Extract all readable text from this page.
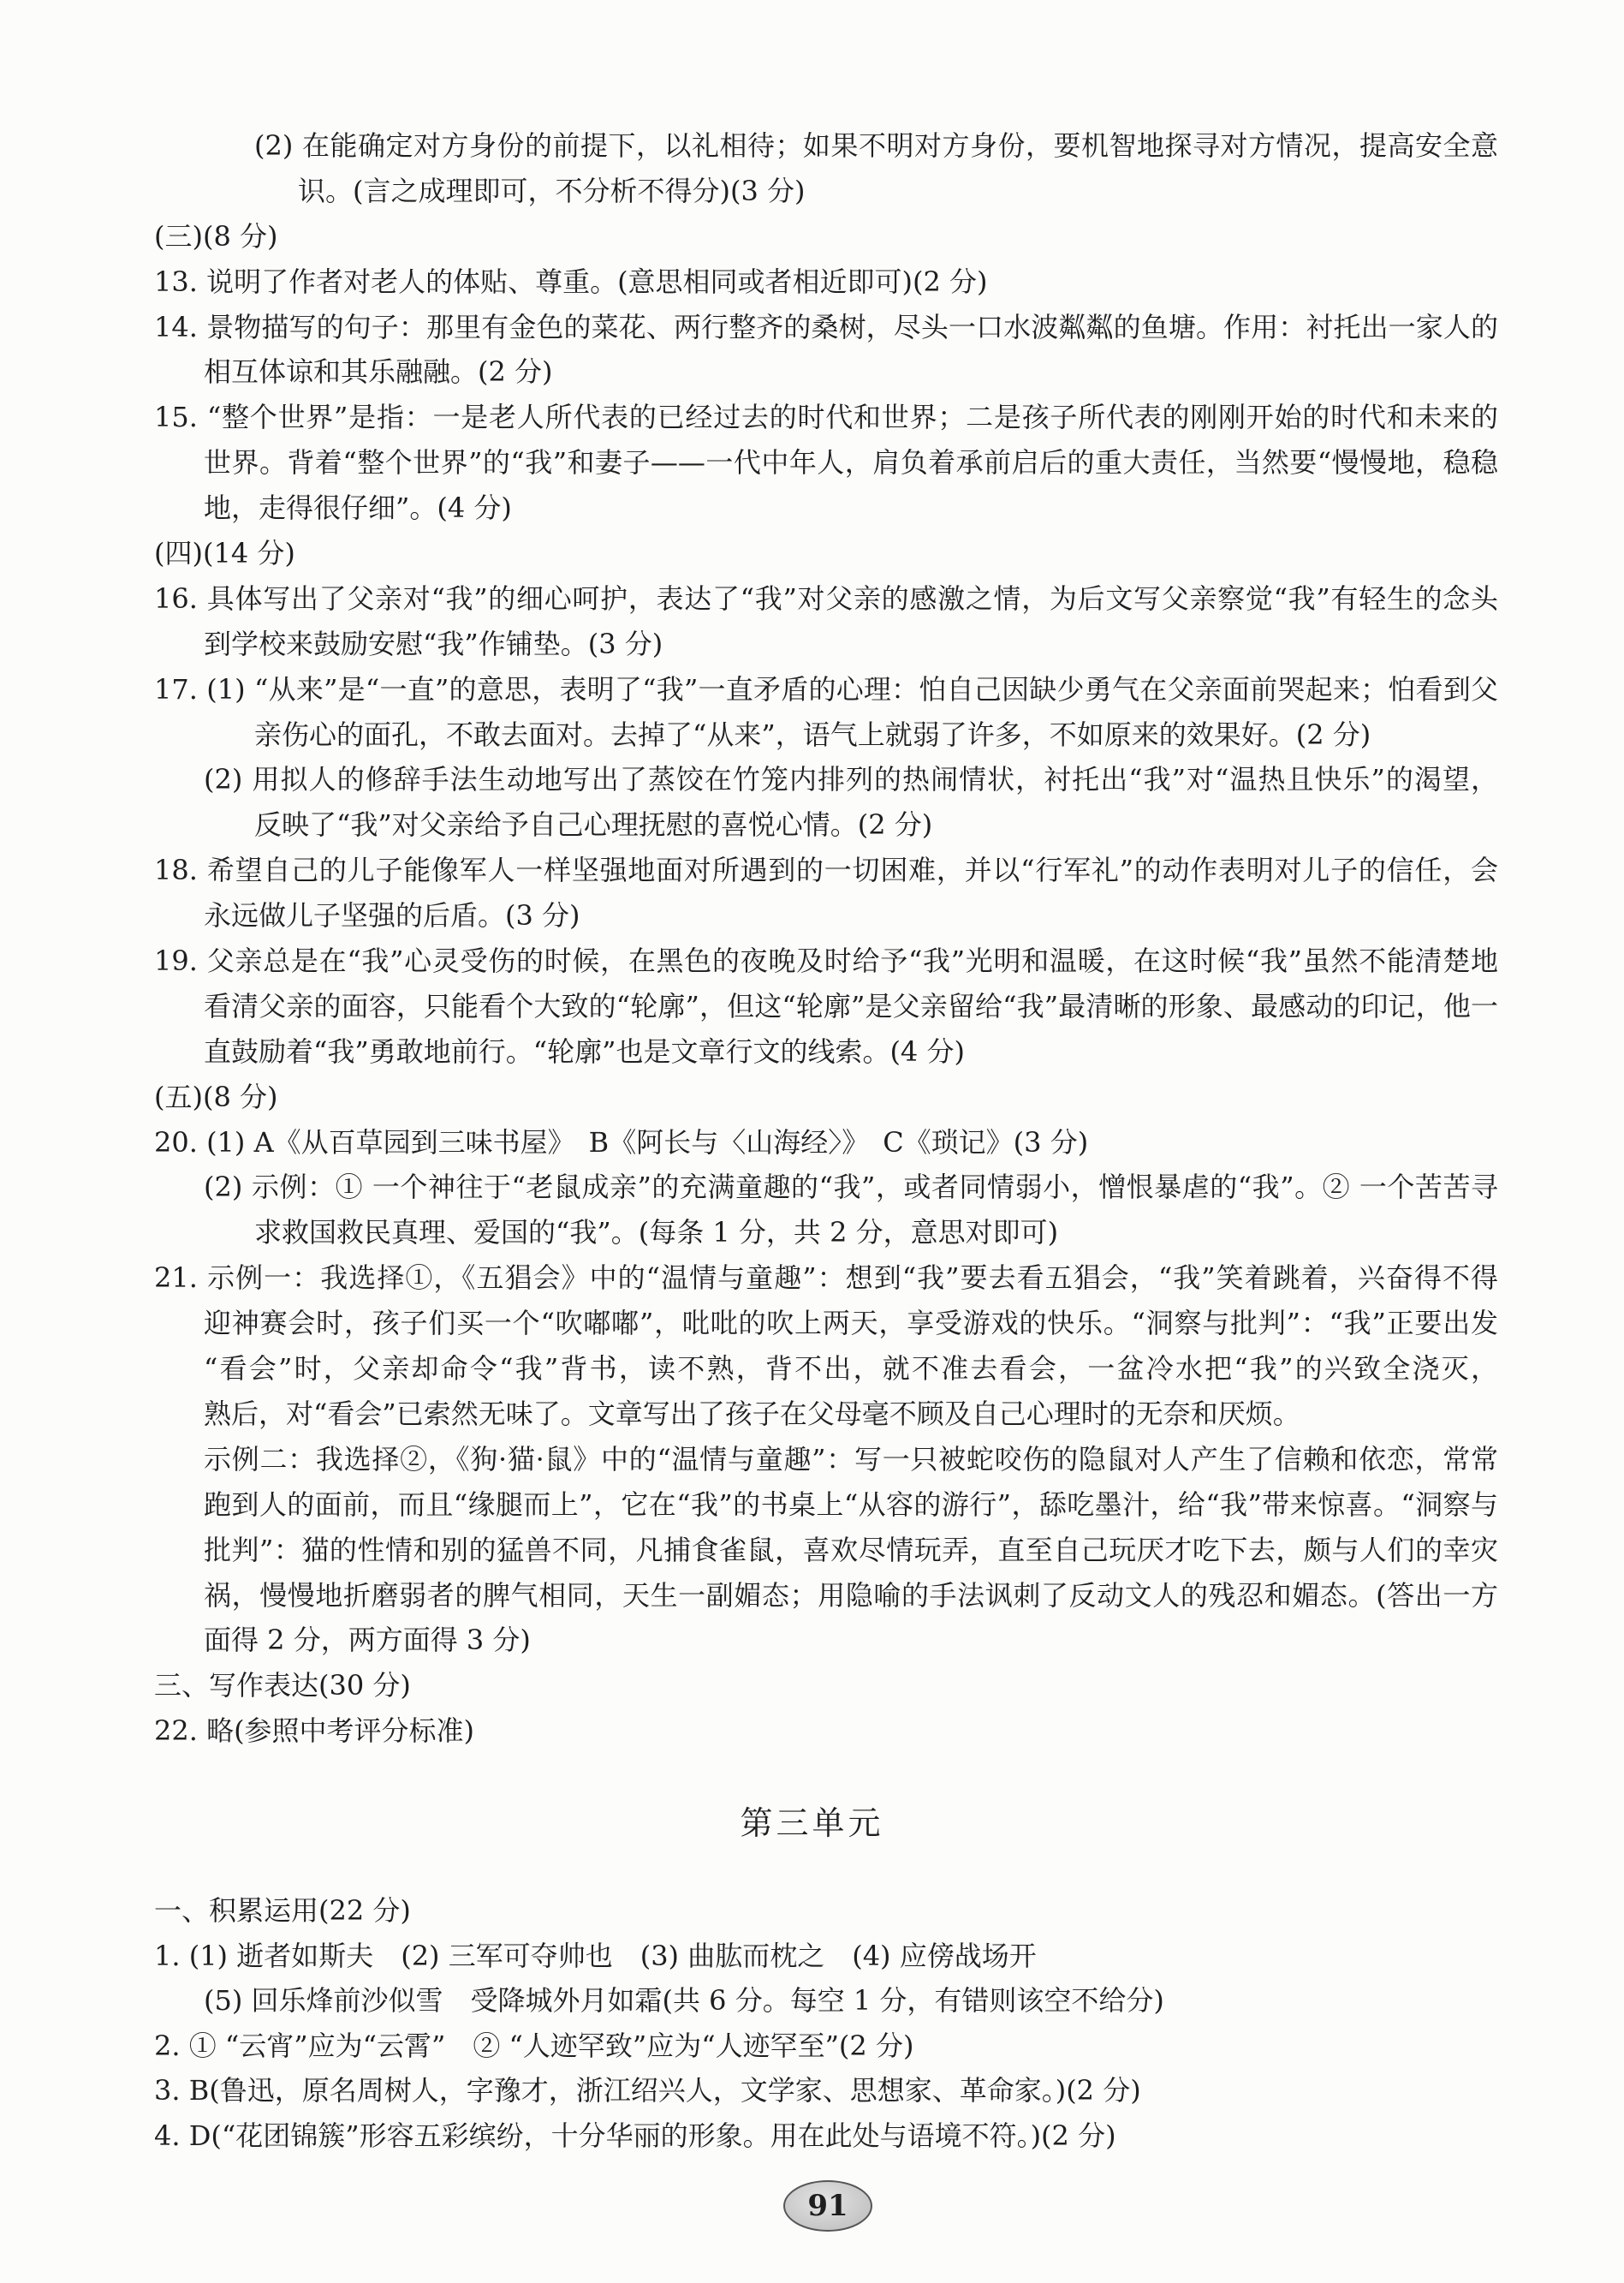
(2) 在能确定对方身份的前提下，以礼相待；如果不明对方身份，要机智地探寻对方情况，提高安全意
识。(言之成理即可，不分析不得分)(3 分)
(三)(8 分)
13. 说明了作者对老人的体贴、尊重。(意思相同或者相近即可)(2 分)
14. 景物描写的句子：那里有金色的菜花、两行整齐的桑树，尽头一口水波粼粼的鱼塘。作用：衬托出一家人的
相互体谅和其乐融融。(2 分)
15. “整个世界”是指：一是老人所代表的已经过去的时代和世界；二是孩子所代表的刚刚开始的时代和未来的
世界。背着“整个世界”的“我”和妻子——一代中年人，肩负着承前启后的重大责任，当然要“慢慢地，稳稳
地，走得很仔细”。(4 分)
(四)(14 分)
16. 具体写出了父亲对“我”的细心呵护，表达了“我”对父亲的感激之情，为后文写父亲察觉“我”有轻生的念头
到学校来鼓励安慰“我”作铺垫。(3 分)
17. (1) “从来”是“一直”的意思，表明了“我”一直矛盾的心理：怕自己因缺少勇气在父亲面前哭起来；怕看到父
亲伤心的面孔，不敢去面对。去掉了“从来”，语气上就弱了许多，不如原来的效果好。(2 分)
(2) 用拟人的修辞手法生动地写出了蒸饺在竹笼内排列的热闹情状，衬托出“我”对“温热且快乐”的渴望，
反映了“我”对父亲给予自己心理抚慰的喜悦心情。(2 分)
18. 希望自己的儿子能像军人一样坚强地面对所遇到的一切困难，并以“行军礼”的动作表明对儿子的信任，会
永远做儿子坚强的后盾。(3 分)
19. 父亲总是在“我”心灵受伤的时候，在黑色的夜晚及时给予“我”光明和温暖，在这时候“我”虽然不能清楚地
看清父亲的面容，只能看个大致的“轮廓”，但这“轮廓”是父亲留给“我”最清晰的形象、最感动的印记，他一
直鼓励着“我”勇敢地前行。“轮廓”也是文章行文的线索。(4 分)
(五)(8 分)
20. (1) A《从百草园到三味书屋》　B《阿长与〈山海经〉》　C《琐记》(3 分)
(2) 示例：① 一个神往于“老鼠成亲”的充满童趣的“我”，或者同情弱小，憎恨暴虐的“我”。② 一个苦苦寻
求救国救民真理、爱国的“我”。(每条 1 分，共 2 分，意思对即可)
21. 示例一：我选择①，《五猖会》中的“温情与童趣”：想到“我”要去看五猖会，“我”笑着跳着，兴奋得不得
迎神赛会时，孩子们买一个“吹嘟嘟”，吡吡的吹上两天，享受游戏的快乐。“洞察与批判”：“我”正要出发
“看会”时，父亲却命令“我”背书，读不熟，背不出，就不准去看会，一盆冷水把“我”的兴致全浇灭，
熟后，对“看会”已索然无味了。文章写出了孩子在父母毫不顾及自己心理时的无奈和厌烦。
示例二：我选择②，《狗·猫·鼠》中的“温情与童趣”：写一只被蛇咬伤的隐鼠对人产生了信赖和依恋，常常
跑到人的面前，而且“缘腿而上”，它在“我”的书桌上“从容的游行”，舔吃墨汁，给“我”带来惊喜。“洞察与
批判”：猫的性情和别的猛兽不同，凡捕食雀鼠，喜欢尽情玩弄，直至自己玩厌才吃下去，颇与人们的幸灾
祸，慢慢地折磨弱者的脾气相同，天生一副媚态；用隐喻的手法讽刺了反动文人的残忍和媚态。(答出一方
面得 2 分，两方面得 3 分)
三、写作表达(30 分)
22. 略(参照中考评分标准)
第三单元
一、积累运用(22 分)
1. (1) 逝者如斯夫　(2) 三军可夺帅也　(3) 曲肱而枕之　(4) 应傍战场开
(5) 回乐烽前沙似雪　受降城外月如霜(共 6 分。每空 1 分，有错则该空不给分)
2. ① “云宵”应为“云霄”　② “人迹罕致”应为“人迹罕至”(2 分)
3. B(鲁迅，原名周树人，字豫才，浙江绍兴人，文学家、思想家、革命家。)(2 分)
4. D(“花团锦簇”形容五彩缤纷，十分华丽的形象。用在此处与语境不符。)(2 分)
91
